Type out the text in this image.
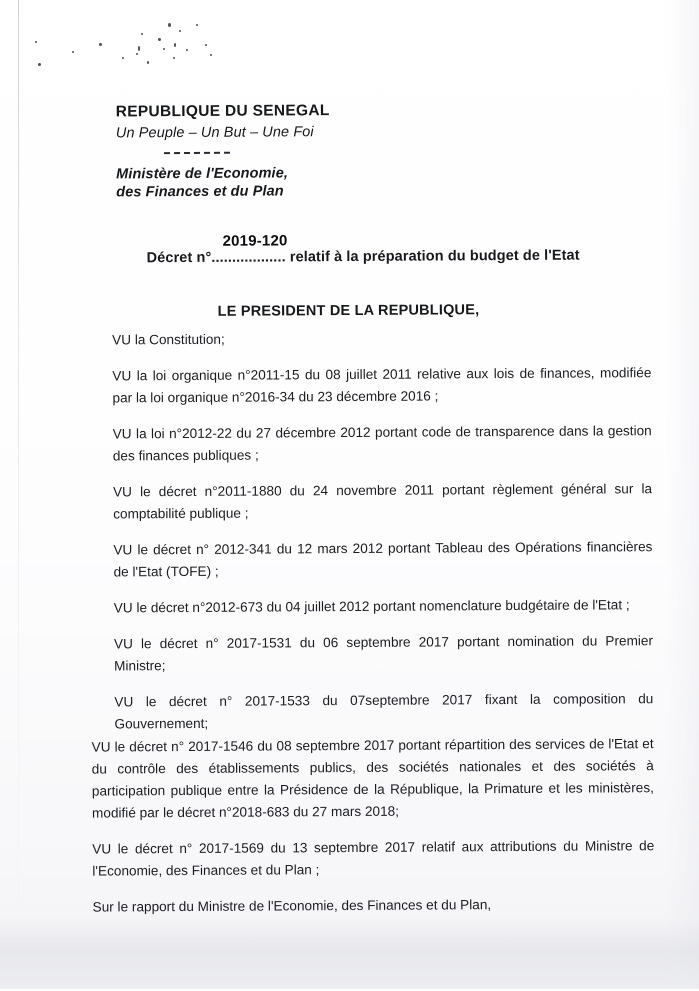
REPUBLIQUE DU SENEGAL
Un Peuple – Un But – Une Foi
Ministère de l'Economie,
des Finances et du Plan
Décret n°.................. relatif à la préparation du budget de l'Etat
2019-120
LE PRESIDENT DE LA REPUBLIQUE,

VU la Constitution;

VU la loi organique n°2011-15 du 08 juillet 2011 relative aux lois de finances, modifiée par la loi organique n°2016-34 du 23 décembre 2016 ;

VU la loi n°2012-22 du 27 décembre 2012 portant code de transparence dans la gestion des finances publiques ;

VU le décret n°2011-1880 du 24 novembre 2011 portant règlement général sur la comptabilité publique ;

VU le décret n° 2012-341 du 12 mars 2012 portant Tableau des Opérations financières de l'Etat (TOFE) ;

VU le décret n°2012-673 du 04 juillet 2012 portant nomenclature budgétaire de l'Etat ;

VU le décret n° 2017-1531 du 06 septembre 2017 portant nomination du Premier Ministre;

VU le décret n° 2017-1533 du 07septembre 2017 fixant la composition du Gouvernement;

VU le décret n° 2017-1546 du 08 septembre 2017 portant répartition des services de l'Etat et du contrôle des établissements publics, des sociétés nationales et des sociétés à participation publique entre la Présidence de la République, la Primature et les ministères, modifié par le décret n°2018-683 du 27 mars 2018;

VU le décret n° 2017-1569 du 13 septembre 2017 relatif aux attributions du Ministre de l'Economie, des Finances et du Plan ;

Sur le rapport du Ministre de l'Economie, des Finances et du Plan,
